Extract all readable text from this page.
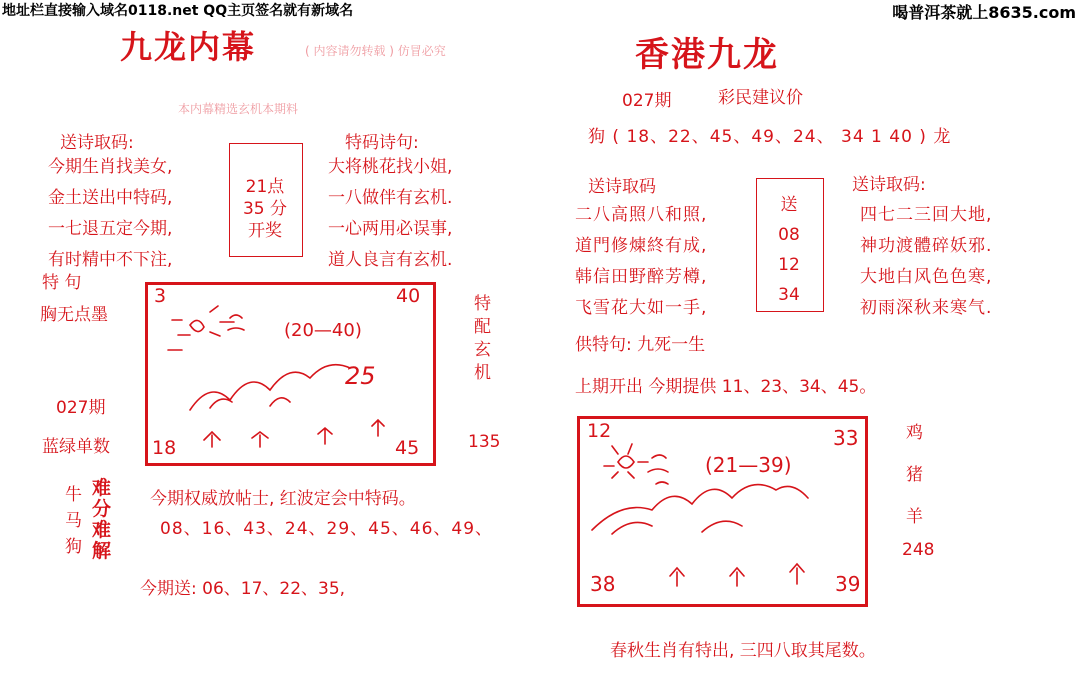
地址栏直接输入域名0118.net QQ主页签名就有新域名	喝普洱茶就上8635.com
九龙内幕	( 内容请勿转载 ) 仿冒必究
本内幕精选玄机本期料
送诗取码:	特码诗句:
今期生肖找美女,
金土送出中特码,
一七退五定今期,
有时精中不下注,
21点
35 分
开奖
大将桃花找小姐,
一八做伴有玄机.
一心两用必误事,
道人良言有玄机.
特 句
胸无点墨
027期
蓝绿单数
3	40
18	45
(20—40)
25	特配玄机
135
牛
马
狗
难
分
难
解
今期权威放帖士, 红波定会中特码。
08、16、43、24、29、45、46、49、
今期送: 06、17、22、35,
香港九龙
027期	彩民建议价
狗 ( 18、22、45、49、24、 34 1 40 ) 龙
送诗取码	送诗取码:
二八高照八和照,
道門修煉終有成,
韩信田野醉芳樽,
飞雪花大如一手,
送
08
12
34
四七二三回大地,
神功渡體碎妖邪.
大地白风色色寒,
初雨深秋来寒气.
供特句: 九死一生
上期开出 今期提供 11、23、34、45。
12	33
38	39
(21—39)
鸡
猪
羊
248
春秋生肖有特出, 三四八取其尾数。
